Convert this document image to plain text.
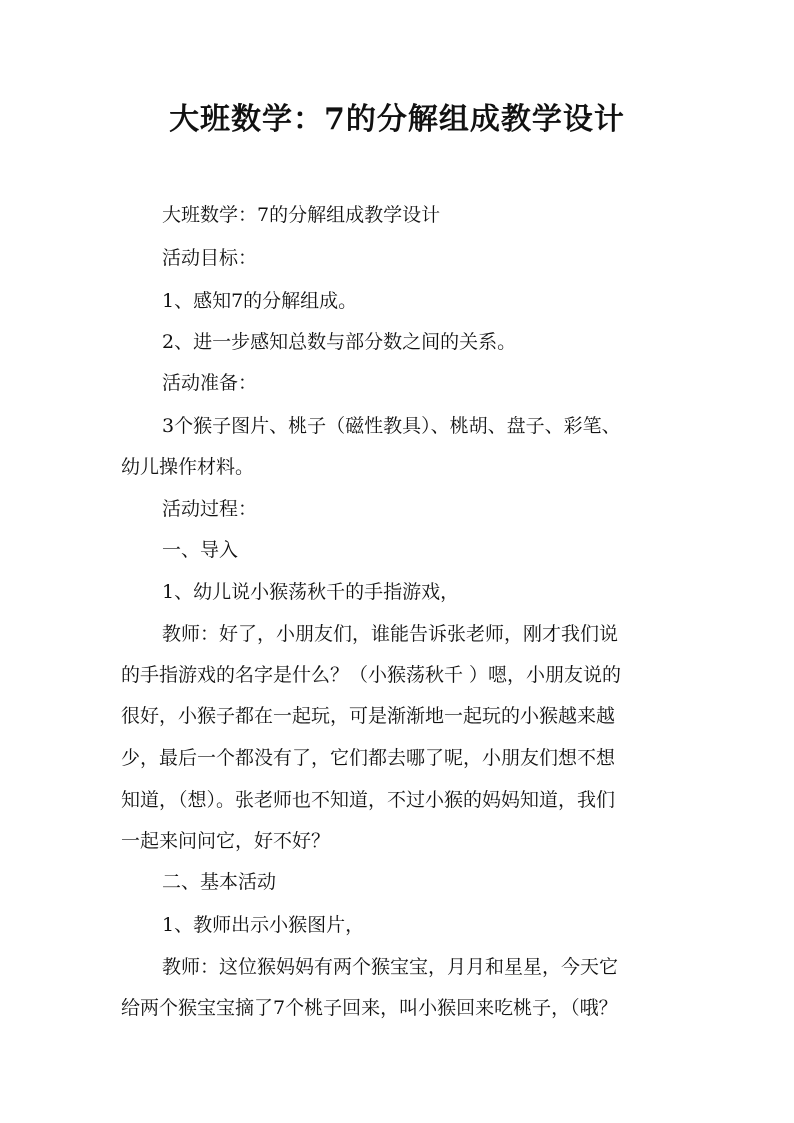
大班数学：7的分解组成教学设计
大班数学：7的分解组成教学设计
活动目标：
1、感知7的分解组成。
2、进一步感知总数与部分数之间的关系。
活动准备：
3个猴子图片、桃子（磁性教具）、桃胡、盘子、彩笔、
幼儿操作材料。
活动过程：
一、导入
1、幼儿说小猴荡秋千的手指游戏，
教师：好了，小朋友们，谁能告诉张老师，刚才我们说
的手指游戏的名字是什么？（小猴荡秋千 ）嗯，小朋友说的
很好，小猴子都在一起玩，可是渐渐地一起玩的小猴越来越
少，最后一个都没有了，它们都去哪了呢，小朋友们想不想
知道，（想）。张老师也不知道，不过小猴的妈妈知道，我们
一起来问问它，好不好？
二、基本活动
1、教师出示小猴图片，
教师：这位猴妈妈有两个猴宝宝，月月和星星，今天它
给两个猴宝宝摘了7个桃子回来，叫小猴回来吃桃子，（哦？
